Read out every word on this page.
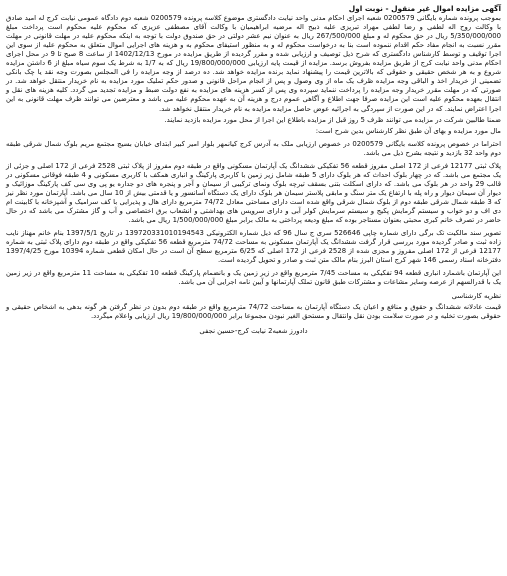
آگهی مزایده اموال غیر منقول - نوبت اول

بموجب پرونده شماره بایگانی 0200579 شعبه اجرای احکام مدنی واحد نیابت دادگستری موضوع کلاسه پرونده 0200579 شعبه دوم دادگاه عمومی نیابت کرج له امید صادق با وکالت روح اله لطفی و رضا لطفی مهراد تبریزی علیه ذبیح اله مرضیه ابراهیمیان با وکالت آقای مصطفی عزیزی که محکوم علیه محکوم است پرداخت مبلغ 5/350/000/000 ریال در حق محکوم له و مبلغ 267/500/000 ریال به عنوان نیم عشر دولتی در حق صندوق دولت با توجه به اینکه محکوم علیه در مهلت قانونی در مهلت مقرر نسبت به انجام مفاد حکم اقدام ننموده است بنا به درخواست محکوم له و به منظور استیفای محکوم به و هزینه های اجرایی اموال متعلق به محکوم علیه از سوی این اجرا توقیف و توسط کارشناس دادگستری که شرح ذیل توصیف و ارزیابی شده و مقرر گردیده از طریق مزایده در مورخ 1402/12/13 از ساعت 8 صبح تا 9 در محل اجرای احکام مدنی واحد نیابت کرج از طریق مزایده بفروش برسد. مزایده از قیمت پایه ارزیابی 19/800/000/000 ریال که به 1/7 به شرط یک سوم سیاه مبلغ از 6 داشتن مزایده شروع و به هر شخص حقیقی و حقوقی که بالاترین قیمت را پیشنهاد نماید برنده مزایده خواهد شد. ده درصد از وجه مزایده را فی المجلس بصورت وجه نقد یا چک بانکی تضمینی از خریدار اخذ و الباقی وجه مزایده ظرف یک ماه از وی وصول و پس از انجام مراحل قانونی و صدور حکم تملیک مورد مزایده به نام خریدار منتقل خواهد شد. در صورتی که در مهلت مقرر خریدار وجه مزایده را پرداخت ننماید سپرده وی پس از کسر هزینه های مزایده به نفع دولت ضبط و مزایده تجدید می گردد. کلیه هزینه های نقل و انتقال بعهده محکوم علیه است این مزایده صرفا جهت اطلاع و آگاهی عموم درج و هزینه آن به عهده محکوم علیه می باشد و معترضین می توانند ظرف مهلت قانونی به این اجرا اعتراض نمایند. که در این صورت از سپردگی به اجرائیه عوض حاصل مزایده مزایده به نام خریدار منتقل نخواهد شد.

ضمنا طالبین شرکت در مزایده می توانند ظرف 5 روز قبل از مزایده باطلاع این اجرا از محل مورد مزایده بازدید نمایند.

مال مورد مزایده و بهای آن طبق نظر کارشناس بدین شرح است:

احتراما در خصوص پرونده کلاسه بایگانی 0200579 در خصوص ارزیابی ملک به آدرس کرج کیانمهر بلوار امیر کبیر ابتدای خیابان بسیج مجتمع مریم بلوک شمال شرقی طبقه دوم واحد 32 بازدید و نتیجه بشرح ذیل می باشد.

پلاک ثبتی 12177 فرعی از 172 اصلی مفروز قطعه 56 تفکیکی ششدانگ یک آپارتمان مسکونی واقع در طبقه دوم مفروز از پلاک ثبتی 2528 فرعی از 172 اصلی و جزئی از یک مجتمع می باشد. که در چهار بلوک احداث که هر بلوک دارای 5 طبقه شامل زیر زمین با کاربری پارکینگ و انباری همکف با کاربری مسکونی و 4 طبقه فوقانی مسکونی در قالب 29 واحد در هر بلوک می باشد. که دارای اسکلت بتنی بسقف تیرچه بلوک ونمای ترکیبی از سیمان و آجر و پنجره های دو جداره یو پی وی سی کف پارکینگ موزائیک و دیوار آن سیمان دیوار و راه پله با ارتفاع یک متر سنگ و مابقی پلاستر سیمان هر بلوک دارای یک دستگاه آسانسور و یا قدمتی بیش از 10 سال می باشد. آپارتمان مورد نظر نیز که 3 طبقه شمال شرقی طبقه دوم از بلوک شمال شرقی واقع شده است دارای مساحتی معادل 74/72 مترمربع دارای هال و پذیرایی با کف سرامیک و آشپزخانه با کابینت ام دی اف و دو خواب و سیستم گرمایش پکیج و سیستم سرمایش کولر آبی و دارای سرویس های بهداشتی و انشعاب برق اختصاصی و آب و گاز مشترک می باشد که در حال حاضر در تصرف خانم کبری محبتی بعنوان مستاجر بوده که مبلغ ودیعه پرداختی به مالک برابر مبلغ 1/500/000/000 ریال می باشد.

تصویر سند مالکیت تک برگی دارای شماره چاپی 526646 سری ج سال 96 که ذیل شماره الکترونیکی 139720331010194543 در تاریخ 1397/5/1 بنام خانم مهناز نایب زاده ثبت و صادر گردیده مورد بررسی قرار گرفت ششدانگ یک آپارتمان مسکونی به مساحت 74/72 مترمربع قطعه 56 تفکیکی واقع در طبقه دوم دارای پلاک ثبتی به شماره 12177 فرعی از 172 اصلی مفروز و مجزی شده از 2528 فرعی از 172 اصلی که 6/25 مترمربع سطح آن است در حال امکان قطعی شماره 10394 مورخ 1397/4/25 دفترخانه اسناد رسمی 146 شهر کرج استان البرز بنام مالک متن ثبت و صادر و تحویل گردیده است.

این آپارتمان باشمارد انباری قطعه 94 تفکیکی به مساحت 7/45 مترمربع واقع در زیر زمین یک و بانضمام پارکینگ قطعه 10 تفکیکی به مساحت 11 مترمربع واقع در زیر زمین یک با قدرالسهم از عرصه وسایر مشاعات و مشترکات طبق قانون تملک آپارتمانها و آیین نامه اجرایی آن می باشد.

نظریه کارشناسی

قیمت عادلانه ششدانگ و حقوق و منافع و اعیان یک دستگاه آپارتمان به مساحت 74/72 مترمربع واقع در طبقه دوم بدون در نظر گرفتن هر گونه بدهی به اشخاص حقیقی و حقوقی بصورت تخلیه و در صورت سلامت بودن نقل وانتقال و مستحق الغیر نبودن مجموعا برابر 19/800/000/000 ریال ارزیابی واعلام میگردد.

دادورز شعبه2 نیابت کرج-حسین نجفی
